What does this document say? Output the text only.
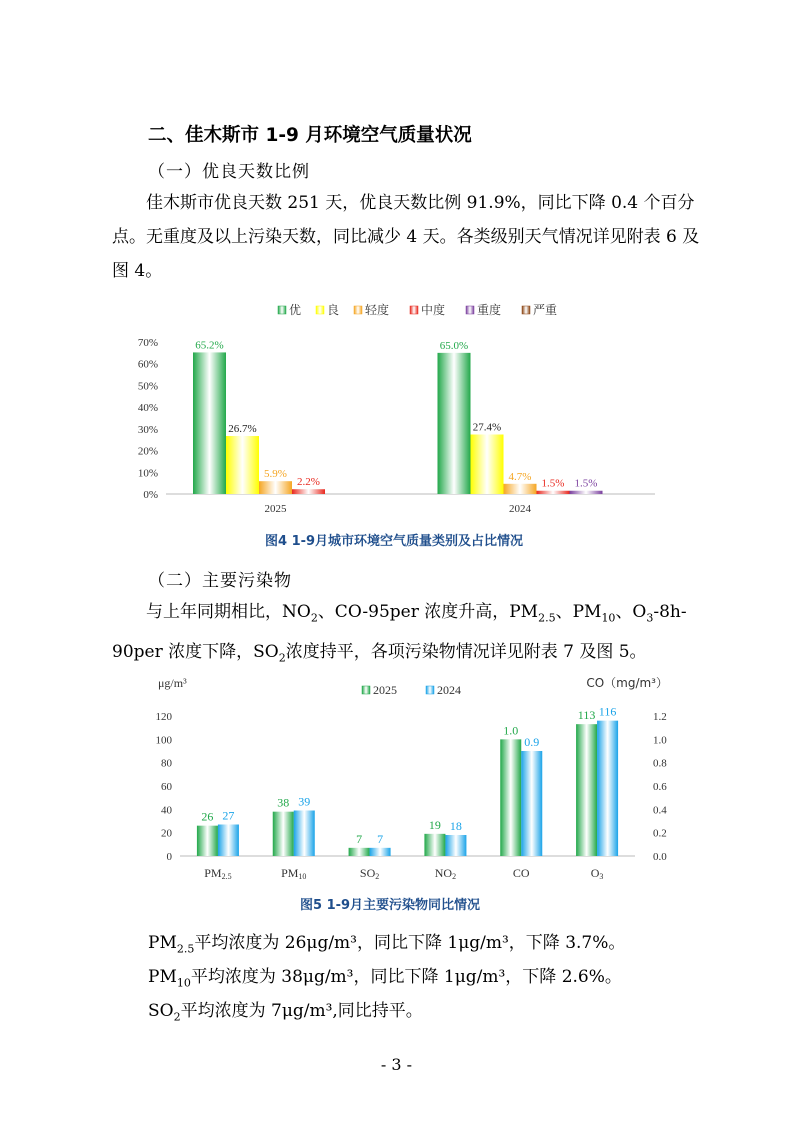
二、佳木斯市 1-9 月环境空气质量状况
（一）优良天数比例
佳木斯市优良天数 251 天，优良天数比例 91.9%，同比下降 0.4 个百分点。无重度及以上污染天数，同比减少 4 天。各类级别天气情况详见附表 6 及图 4。
优 良 轻度	中度	重度	严重
0%
10%
20%
30%
40%
50%
60%
70%	65.2%
26.7%
5.9%
2.2%
2025
65.0%
27.4%
4.7%
1.5% 1.5%
2024
图4 1-9月城市环境空气质量类别及占比情况
（二）主要污染物
与上年同期相比，$NO_2$、CO-95per 浓度升高，$PM_{2.5}$、$PM_{10}$、$O_3-8h-90per$ 浓度下降，$SO_2$浓度持平，各项污染物情况详见附表 7 及图 5。
μg/m³	CO（mg/m³）
2025	2024
0
20
40
60
80
100
120
0.0
0.2
0.4
0.6
0.8
1.0
1.2
26 27
PM2.5
38 39
PM10
7 7
SO2
19 18
NO2
1.0
0.9
CO
113 116
O3
图5 1-9月主要污染物同比情况
$PM_{2.5}$平均浓度为 26μg/m³，同比下降 1μg/m³，下降 3.7%。
$PM_{10}$平均浓度为 38μg/m³，同比下降 1μg/m³，下降 2.6%。
$SO_2$平均浓度为 7μg/m³,同比持平。
- 3 -
